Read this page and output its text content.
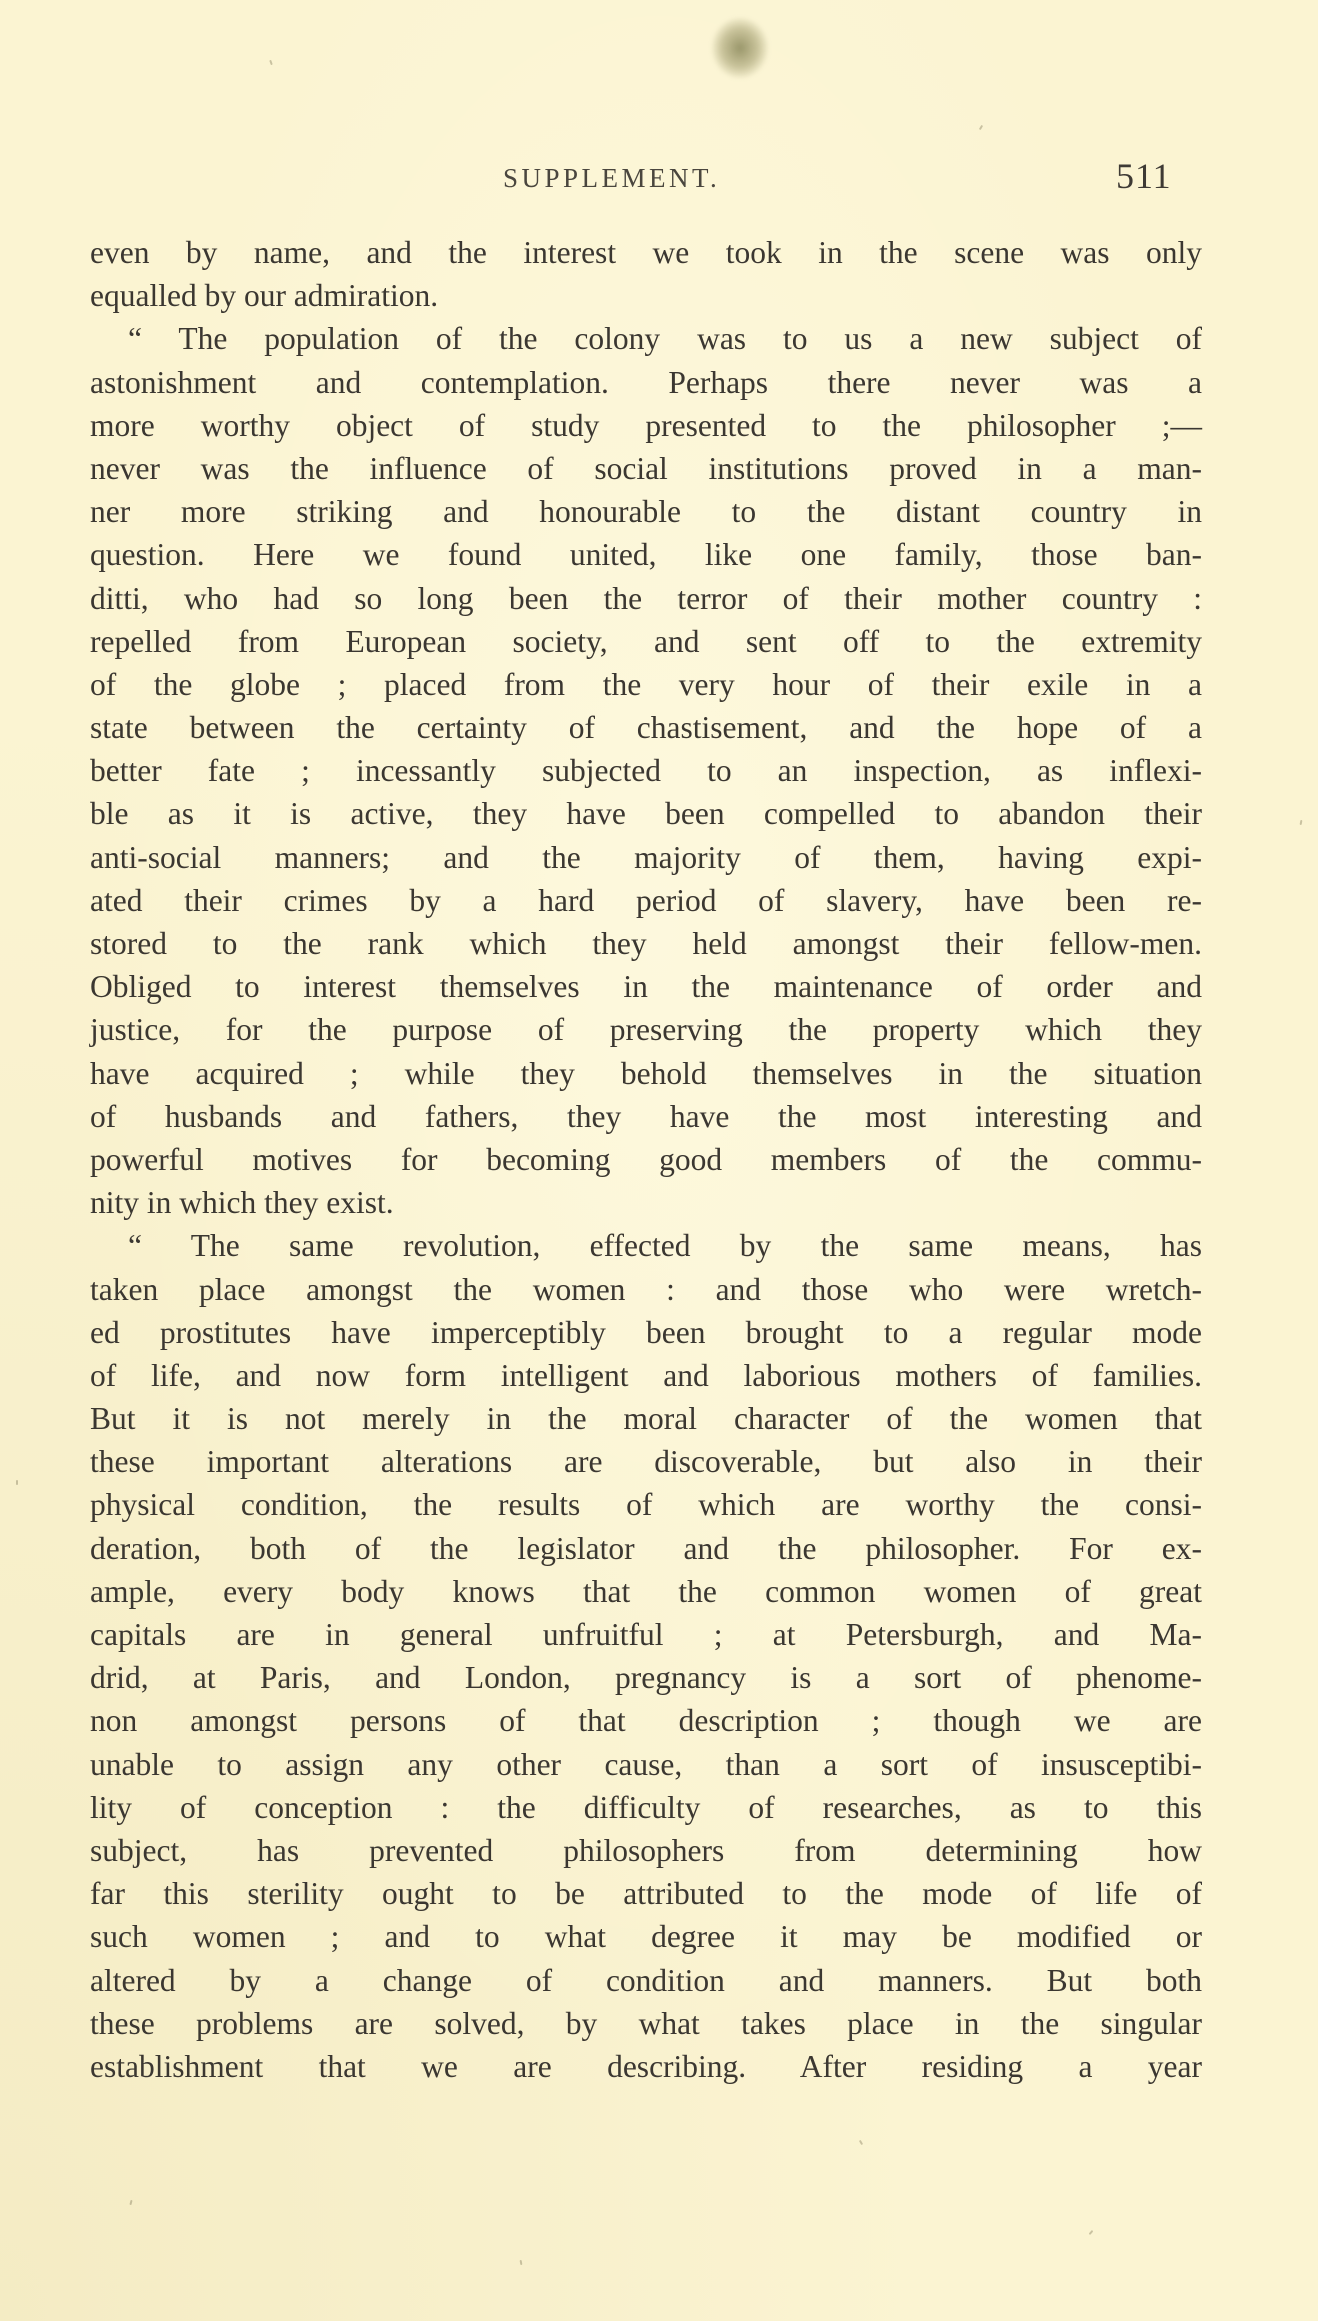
SUPPLEMENT.	511
even by name, and the interest we took in the scene was only
equalled by our admiration.
“ The population of the colony was to us a new subject of
astonishment and contemplation. Perhaps there never was a
more worthy object of study presented to the philosopher ;—
never was the influence of social institutions proved in a man-
ner more striking and honourable to the distant country in
question. Here we found united, like one family, those ban-
ditti, who had so long been the terror of their mother country :
repelled from European society, and sent off to the extremity
of the globe ; placed from the very hour of their exile in a
state between the certainty of chastisement, and the hope of a
better fate ; incessantly subjected to an inspection, as inflexi-
ble as it is active, they have been compelled to abandon their
anti-social manners; and the majority of them, having expi-
ated their crimes by a hard period of slavery, have been re-
stored to the rank which they held amongst their fellow-men.
Obliged to interest themselves in the maintenance of order and
justice, for the purpose of preserving the property which they
have acquired ; while they behold themselves in the situation
of husbands and fathers, they have the most interesting and
powerful motives for becoming good members of the commu-
nity in which they exist.
“ The same revolution, effected by the same means, has
taken place amongst the women : and those who were wretch-
ed prostitutes have imperceptibly been brought to a regular mode
of life, and now form intelligent and laborious mothers of families.
But it is not merely in the moral character of the women that
these important alterations are discoverable, but also in their
physical condition, the results of which are worthy the consi-
deration, both of the legislator and the philosopher. For ex-
ample, every body knows that the common women of great
capitals are in general unfruitful ; at Petersburgh, and Ma-
drid, at Paris, and London, pregnancy is a sort of phenome-
non amongst persons of that description ; though we are
unable to assign any other cause, than a sort of insusceptibi-
lity of conception : the difficulty of researches, as to this
subject, has prevented philosophers from determining how
far this sterility ought to be attributed to the mode of life of
such women ; and to what degree it may be modified or
altered by a change of condition and manners. But both
these problems are solved, by what takes place in the singular
establishment that we are describing. After residing a year
